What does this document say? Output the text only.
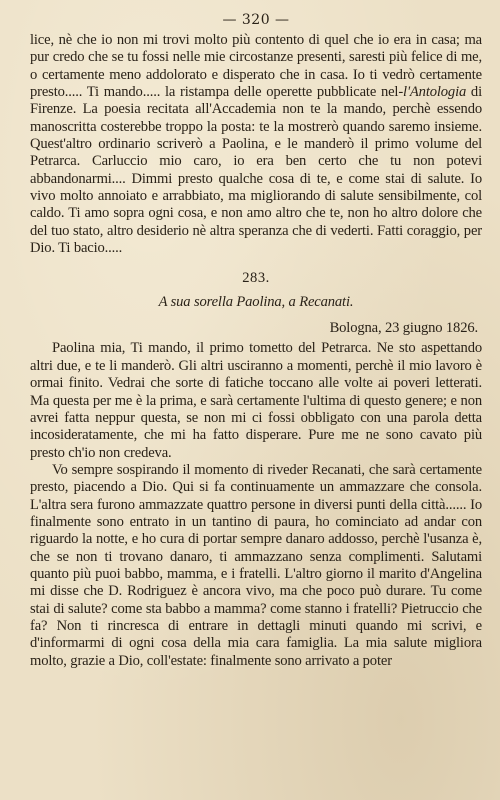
— 320 —

lice, nè che io non mi trovi molto più contento di quel che io era in casa; ma pur credo che se tu fossi nelle mie circostanze presenti, saresti più felice di me, o certamente meno addolorato e disperato che in casa. Io ti vedrò certamente presto..... Ti mando..... la ristampa delle operette pubblicate nel-l'Antologia di Firenze. La poesia recitata all'Accademia non te la mando, perchè essendo manoscritta costerebbe troppo la posta: te la mostrerò quando saremo insieme. Quest'altro ordinario scriverò a Paolina, e le manderò il primo volume del Petrarca. Carluccio mio caro, io era ben certo che tu non potevi abbandonarmi.... Dimmi presto qualche cosa di te, e come stai di salute. Io vivo molto annoiato e arrabbiato, ma migliorando di salute sensibilmente, col caldo. Ti amo sopra ogni cosa, e non amo altro che te, non ho altro dolore che del tuo stato, altro desiderio nè altra speranza che di vederti. Fatti coraggio, per Dio. Ti bacio.....

283.
A sua sorella Paolina, a Recanati.
Bologna, 23 giugno 1826.

Paolina mia, Ti mando, il primo tometto del Petrarca. Ne sto aspettando altri due, e te li manderò. Gli altri usciranno a momenti, perchè il mio lavoro è ormai finito. Vedrai che sorte di fatiche toccano alle volte ai poveri letterati. Ma questa per me è la prima, e sarà certamente l'ultima di questo genere; e non avrei fatta neppur questa, se non mi ci fossi obbligato con una parola detta incosideratamente, che mi ha fatto disperare. Pure me ne sono cavato più presto ch'io non credeva.

Vo sempre sospirando il momento di riveder Recanati, che sarà certamente presto, piacendo a Dio. Qui si fa continuamente un ammazzare che consola. L'altra sera furono ammazzate quattro persone in diversi punti della città...... Io finalmente sono entrato in un tantino di paura, ho cominciato ad andar con riguardo la notte, e ho cura di portar sempre danaro addosso, perchè l'usanza è, che se non ti trovano danaro, ti ammazzano senza complimenti. Salutami quanto più puoi babbo, mamma, e i fratelli. L'altro giorno il marito d'Angelina mi disse che D. Rodriguez è ancora vivo, ma che poco può durare. Tu come stai di salute? come sta babbo a mamma? come stanno i fratelli? Pietruccio che fa? Non ti rincresca di entrare in dettagli minuti quando mi scrivi, e d'informarmi di ogni cosa della mia cara famiglia. La mia salute migliora molto, grazie a Dio, coll'estate: finalmente sono arrivato a poter
